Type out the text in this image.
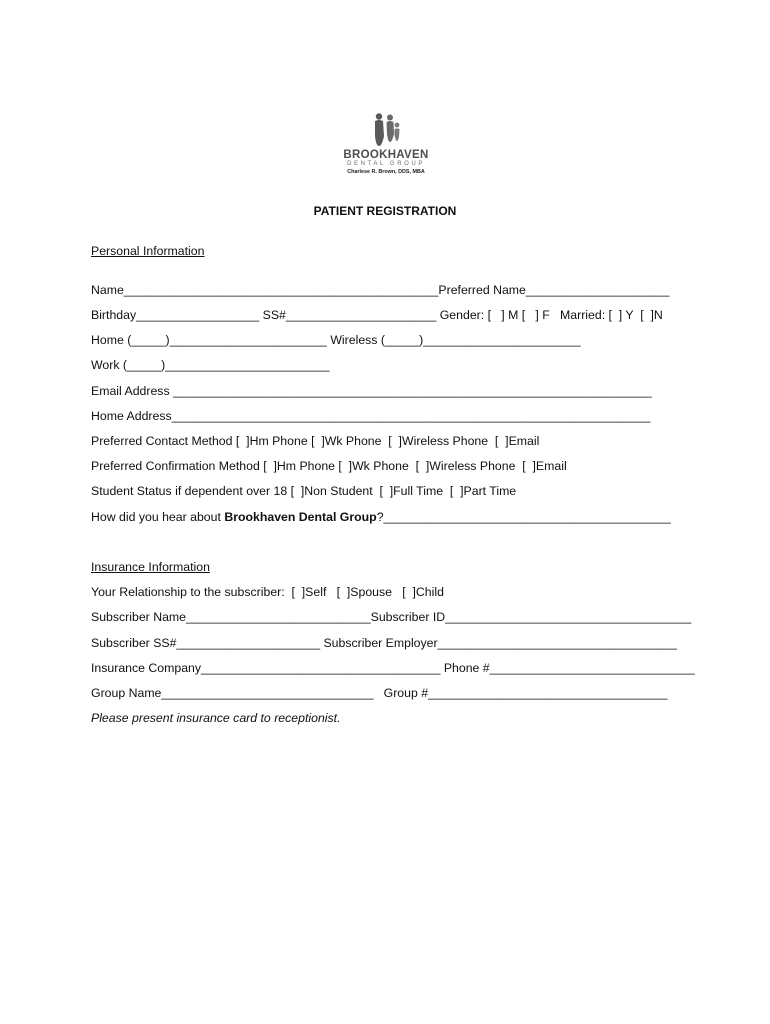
BROOKHAVEN
DENTAL GROUP
Charlese R. Brown, DDS, MBA
PATIENT REGISTRATION
Personal Information
Name______________________________________________Preferred Name_____________________
Birthday__________________ SS#______________________ Gender: [   ] M [   ] F   Married: [  ] Y  [  ]N
Home (_____)_______________________ Wireless (_____)_______________________
Work (_____)________________________
Email Address ______________________________________________________________________
Home Address______________________________________________________________________
Preferred Contact Method [  ]Hm Phone [  ]Wk Phone  [  ]Wireless Phone  [  ]Email
Preferred Confirmation Method [  ]Hm Phone [  ]Wk Phone  [  ]Wireless Phone  [  ]Email
Student Status if dependent over 18 [  ]Non Student  [  ]Full Time  [  ]Part Time
How did you hear about Brookhaven Dental Group?__________________________________________
Insurance Information
Your Relationship to the subscriber:  [  ]Self   [  ]Spouse   [  ]Child
Subscriber Name___________________________Subscriber ID____________________________________
Subscriber SS#_____________________ Subscriber Employer___________________________________
Insurance Company___________________________________ Phone #______________________________
Group Name_______________________________   Group #___________________________________
Please present insurance card to receptionist.
